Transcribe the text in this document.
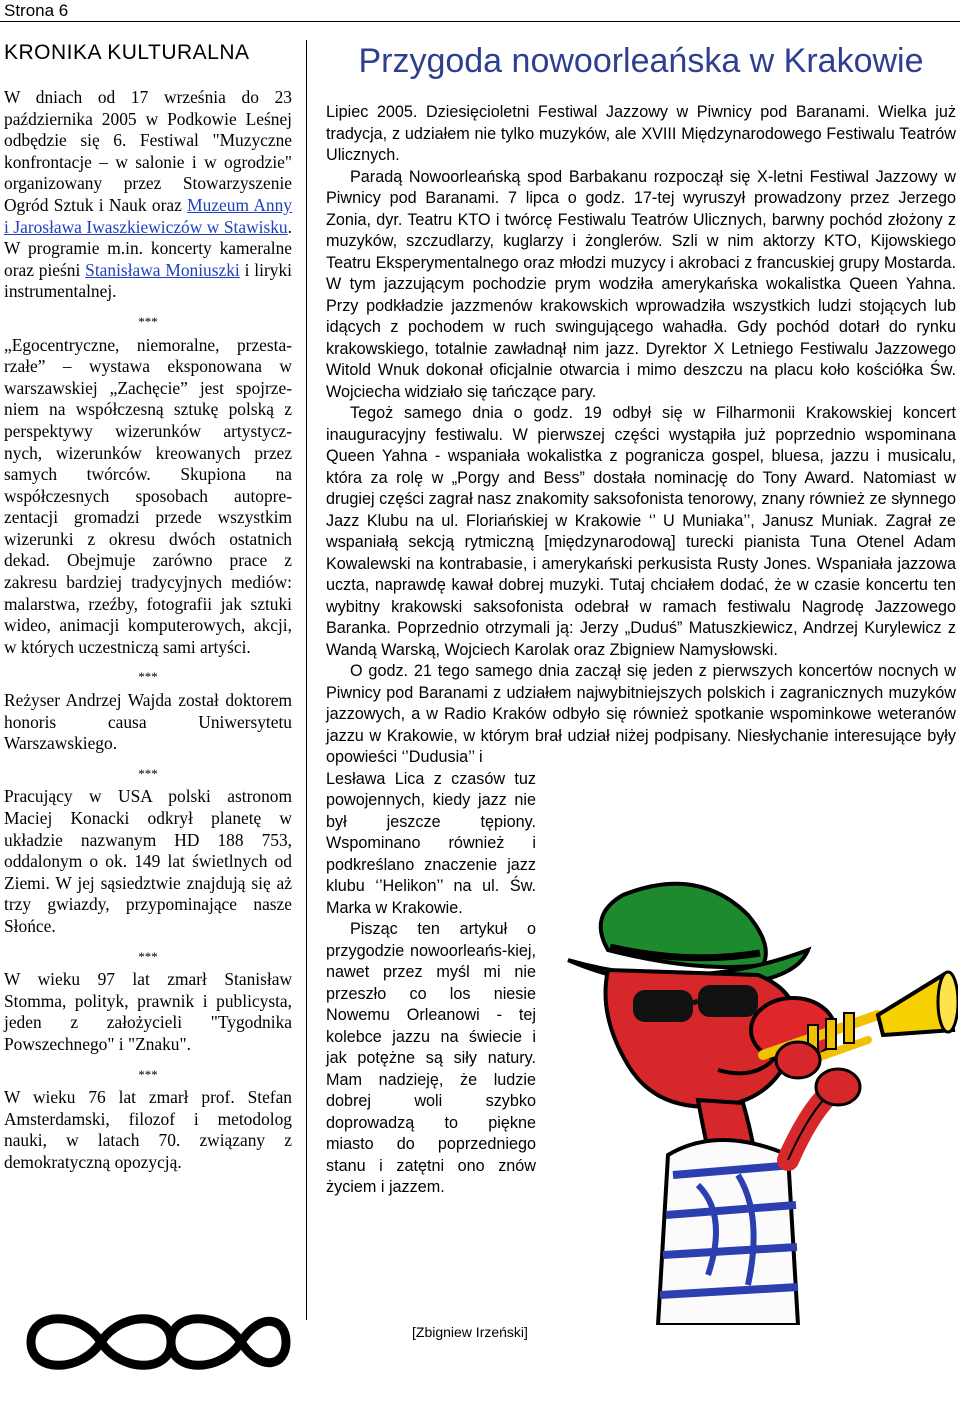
Strona 6

KRONIKA KULTURALNA

W dniach od 17 września do 23 października 2005 w Podkowie Leśnej odbędzie się 6. Festiwal "Muzyczne konfrontacje – w salonie i w ogrodzie" organizowany przez Stowarzyszenie Ogród Sztuk i Nauk oraz Muzeum Anny i Jarosława Iwaszkiewiczów w Stawisku. W programie m.in. koncerty kameralne oraz pieśni Stanisława Moniuszki i liryki instrumentalnej.

***

„Egocentryczne, niemoralne, przesta-rzałe” – wystawa eksponowana w warszawskiej „Zachęcie” jest spojrze-niem na współczesną sztukę polską z perspektywy wizerunków artystycz-nych, wizerunków kreowanych przez samych twórców. Skupiona na współczesnych sposobach autopre-zentacji gromadzi przede wszystkim wizerunki z okresu dwóch ostatnich dekad. Obejmuje zarówno prace z zakresu bardziej tradycyjnych mediów: malarstwa, rzeźby, fotografii jak sztuki wideo, animacji komputerowych, akcji, w których uczestniczą sami artyści.

***

Reżyser Andrzej Wajda został doktorem honoris causa Uniwersytetu Warszawskiego.

***

Pracujący w USA polski astronom Maciej Konacki odkrył planetę w układzie nazwanym HD 188 753, oddalonym o ok. 149 lat świetlnych od Ziemi. W jej sąsiedztwie znajdują się aż trzy gwiazdy, przypominające nasze Słońce.

***

W wieku 97 lat zmarł Stanisław Stomma, polityk, prawnik i publicysta, jeden z założycieli "Tygodnika Powszechnego" i "Znaku".

***

W wieku 76 lat zmarł prof. Stefan Amsterdamski, filozof i metodolog nauki, w latach 70. związany z demokratyczną opozycją.

Przygoda nowoorleańska w Krakowie

Lipiec 2005. Dziesięcioletni Festiwal Jazzowy w Piwnicy pod Baranami. Wielka już tradycja, z udziałem nie tylko muzyków, ale XVIII Międzynarodowego Festiwalu Teatrów Ulicznych.

Paradą Nowoorleańską spod Barbakanu rozpoczął się X-letni Festiwal Jazzowy w Piwnicy pod Baranami. 7 lipca o godz. 17-tej wyruszył prowadzony przez Jerzego Zonia, dyr. Teatru KTO i twórcę Festiwalu Teatrów Ulicznych, barwny pochód złożony z muzyków, szczudlarzy, kuglarzy i żonglerów. Szli w nim aktorzy KTO, Kijowskiego Teatru Eksperymentalnego oraz młodzi muzycy i akrobaci z francuskiej grupy Mostarda. W tym jazzującym pochodzie prym wodziła amerykańska wokalistka Queen Yahna. Przy podkładzie jazzmenów krakowskich wprowadziła wszystkich ludzi stojących lub idących z pochodem w ruch swingującego wahadła. Gdy pochód dotarł do rynku krakowskiego, totalnie zawładnął nim jazz. Dyrektor X Letniego Festiwalu Jazzowego Witold Wnuk dokonał oficjalnie otwarcia i mimo deszczu na placu koło kościółka Św. Wojciecha widziało się tańczące pary.

Tegoż samego dnia o godz. 19 odbył się w Filharmonii Krakowskiej koncert inauguracyjny festiwalu. W pierwszej części wystąpiła już poprzednio wspominana Queen Yahna - wspaniała wokalistka z pogranicza gospel, bluesa, jazzu i musicalu, która za rolę w „Porgy and Bess” dostała nominację do Tony Award. Natomiast w drugiej części zagrał nasz znakomity saksofonista tenorowy, znany również ze słynnego Jazz Klubu na ul. Floriańskiej w Krakowie ‘’ U Muniaka’’, Janusz Muniak. Zagrał ze wspaniałą sekcją rytmiczną [międzynarodową] turecki pianista Tuna Otenel Adam Kowalewski na kontrabasie, i amerykański perkusista Rusty Jones. Wspaniała jazzowa uczta, naprawdę kawał dobrej muzyki. Tutaj chciałem dodać, że w czasie koncertu ten wybitny krakowski saksofonista odebrał w ramach festiwalu Nagrodę Jazzowego Baranka. Poprzednio otrzymali ją: Jerzy „Duduś” Matuszkiewicz, Andrzej Kurylewicz z Wandą Warską, Wojciech Karolak oraz Zbigniew Namysłowski.

O godz. 21 tego samego dnia zaczął się jeden z pierwszych koncertów nocnych w Piwnicy pod Baranami z udziałem najwybitniejszych polskich i zagranicznych muzyków jazzowych, a w Radio Kraków odbyło się również spotkanie wspominkowe weteranów jazzu w Krakowie, w którym brał udział niżej podpisany. Niesłychanie interesujące były opowieści ‘’Dudusia’’ i

Lesława Lica z czasów tuz powojennych, kiedy jazz nie był jeszcze tępiony. Wspominano również i podkreślano znaczenie jazz klubu ‘’Helikon’’ na ul. Św. Marka w Krakowie.

Pisząc ten artykuł o przygodzie nowoorleańs-kiej, nawet przez myśl mi nie przeszło co los niesie Nowemu Orleanowi - tej kolebce jazzu na świecie i jak potężne są siły natury. Mam nadzieję, że ludzie dobrej woli szybko doprowadzą to piękne miasto do poprzedniego stanu i zatętni ono znów życiem i jazzem.

[Zbigniew Irzeński]
